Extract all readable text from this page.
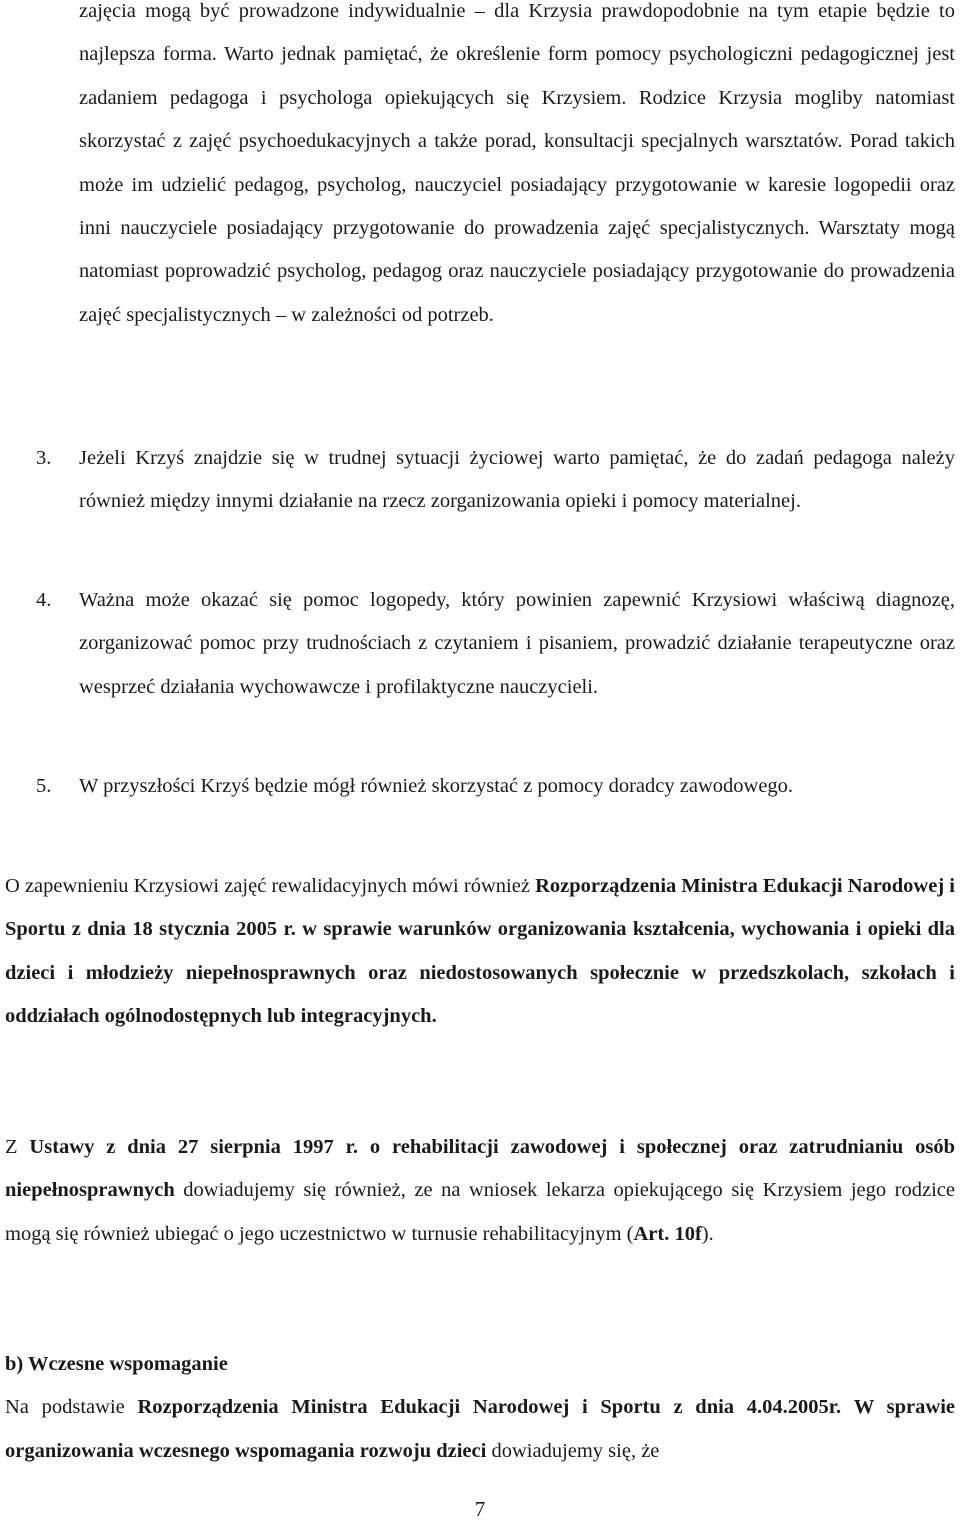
zajęcia mogą być prowadzone indywidualnie – dla Krzysia prawdopodobnie na tym etapie będzie to najlepsza forma. Warto jednak pamiętać, że określenie form pomocy psychologiczni pedagogicznej jest zadaniem pedagoga i psychologa opiekujących się Krzysiem. Rodzice Krzysia mogliby natomiast skorzystać z zajęć psychoedukacyjnych a także porad, konsultacji specjalnych warsztatów. Porad takich może im udzielić pedagog, psycholog, nauczyciel posiadający przygotowanie w karesie logopedii oraz inni nauczyciele posiadający przygotowanie do prowadzenia zajęć specjalistycznych. Warsztaty mogą natomiast poprowadzić psycholog, pedagog oraz nauczyciele posiadający przygotowanie do prowadzenia zajęć specjalistycznych – w zależności od potrzeb.
3. Jeżeli Krzyś znajdzie się w trudnej sytuacji życiowej warto pamiętać, że do zadań pedagoga należy również między innymi działanie na rzecz zorganizowania opieki i pomocy materialnej.
4. Ważna może okazać się pomoc logopedy, który powinien zapewnić Krzysiowi właściwą diagnozę, zorganizować pomoc przy trudnościach z czytaniem i pisaniem, prowadzić działanie terapeutyczne oraz wesprzeć działania wychowawcze i profilaktyczne nauczycieli.
5. W przyszłości Krzyś będzie mógł również skorzystać z pomocy doradcy zawodowego.
O zapewnieniu Krzysiowi zajęć rewalidacyjnych mówi również Rozporządzenia Ministra Edukacji Narodowej i Sportu z dnia 18 stycznia 2005 r. w sprawie warunków organizowania kształcenia, wychowania i opieki dla dzieci i młodzieży niepełnosprawnych oraz niedostosowanych społecznie w przedszkolach, szkołach i oddziałach ogólnodostępnych lub integracyjnych.
Z Ustawy z dnia 27 sierpnia 1997 r. o rehabilitacji zawodowej i społecznej oraz zatrudnianiu osób niepełnosprawnych dowiadujemy się również, ze na wniosek lekarza opiekującego się Krzysiem jego rodzice mogą się również ubiegać o jego uczestnictwo w turnusie rehabilitacyjnym (Art. 10f).
b) Wczesne wspomaganie
Na podstawie Rozporządzenia Ministra Edukacji Narodowej i Sportu z dnia 4.04.2005r. W sprawie organizowania wczesnego wspomagania rozwoju dzieci dowiadujemy się, że
7
